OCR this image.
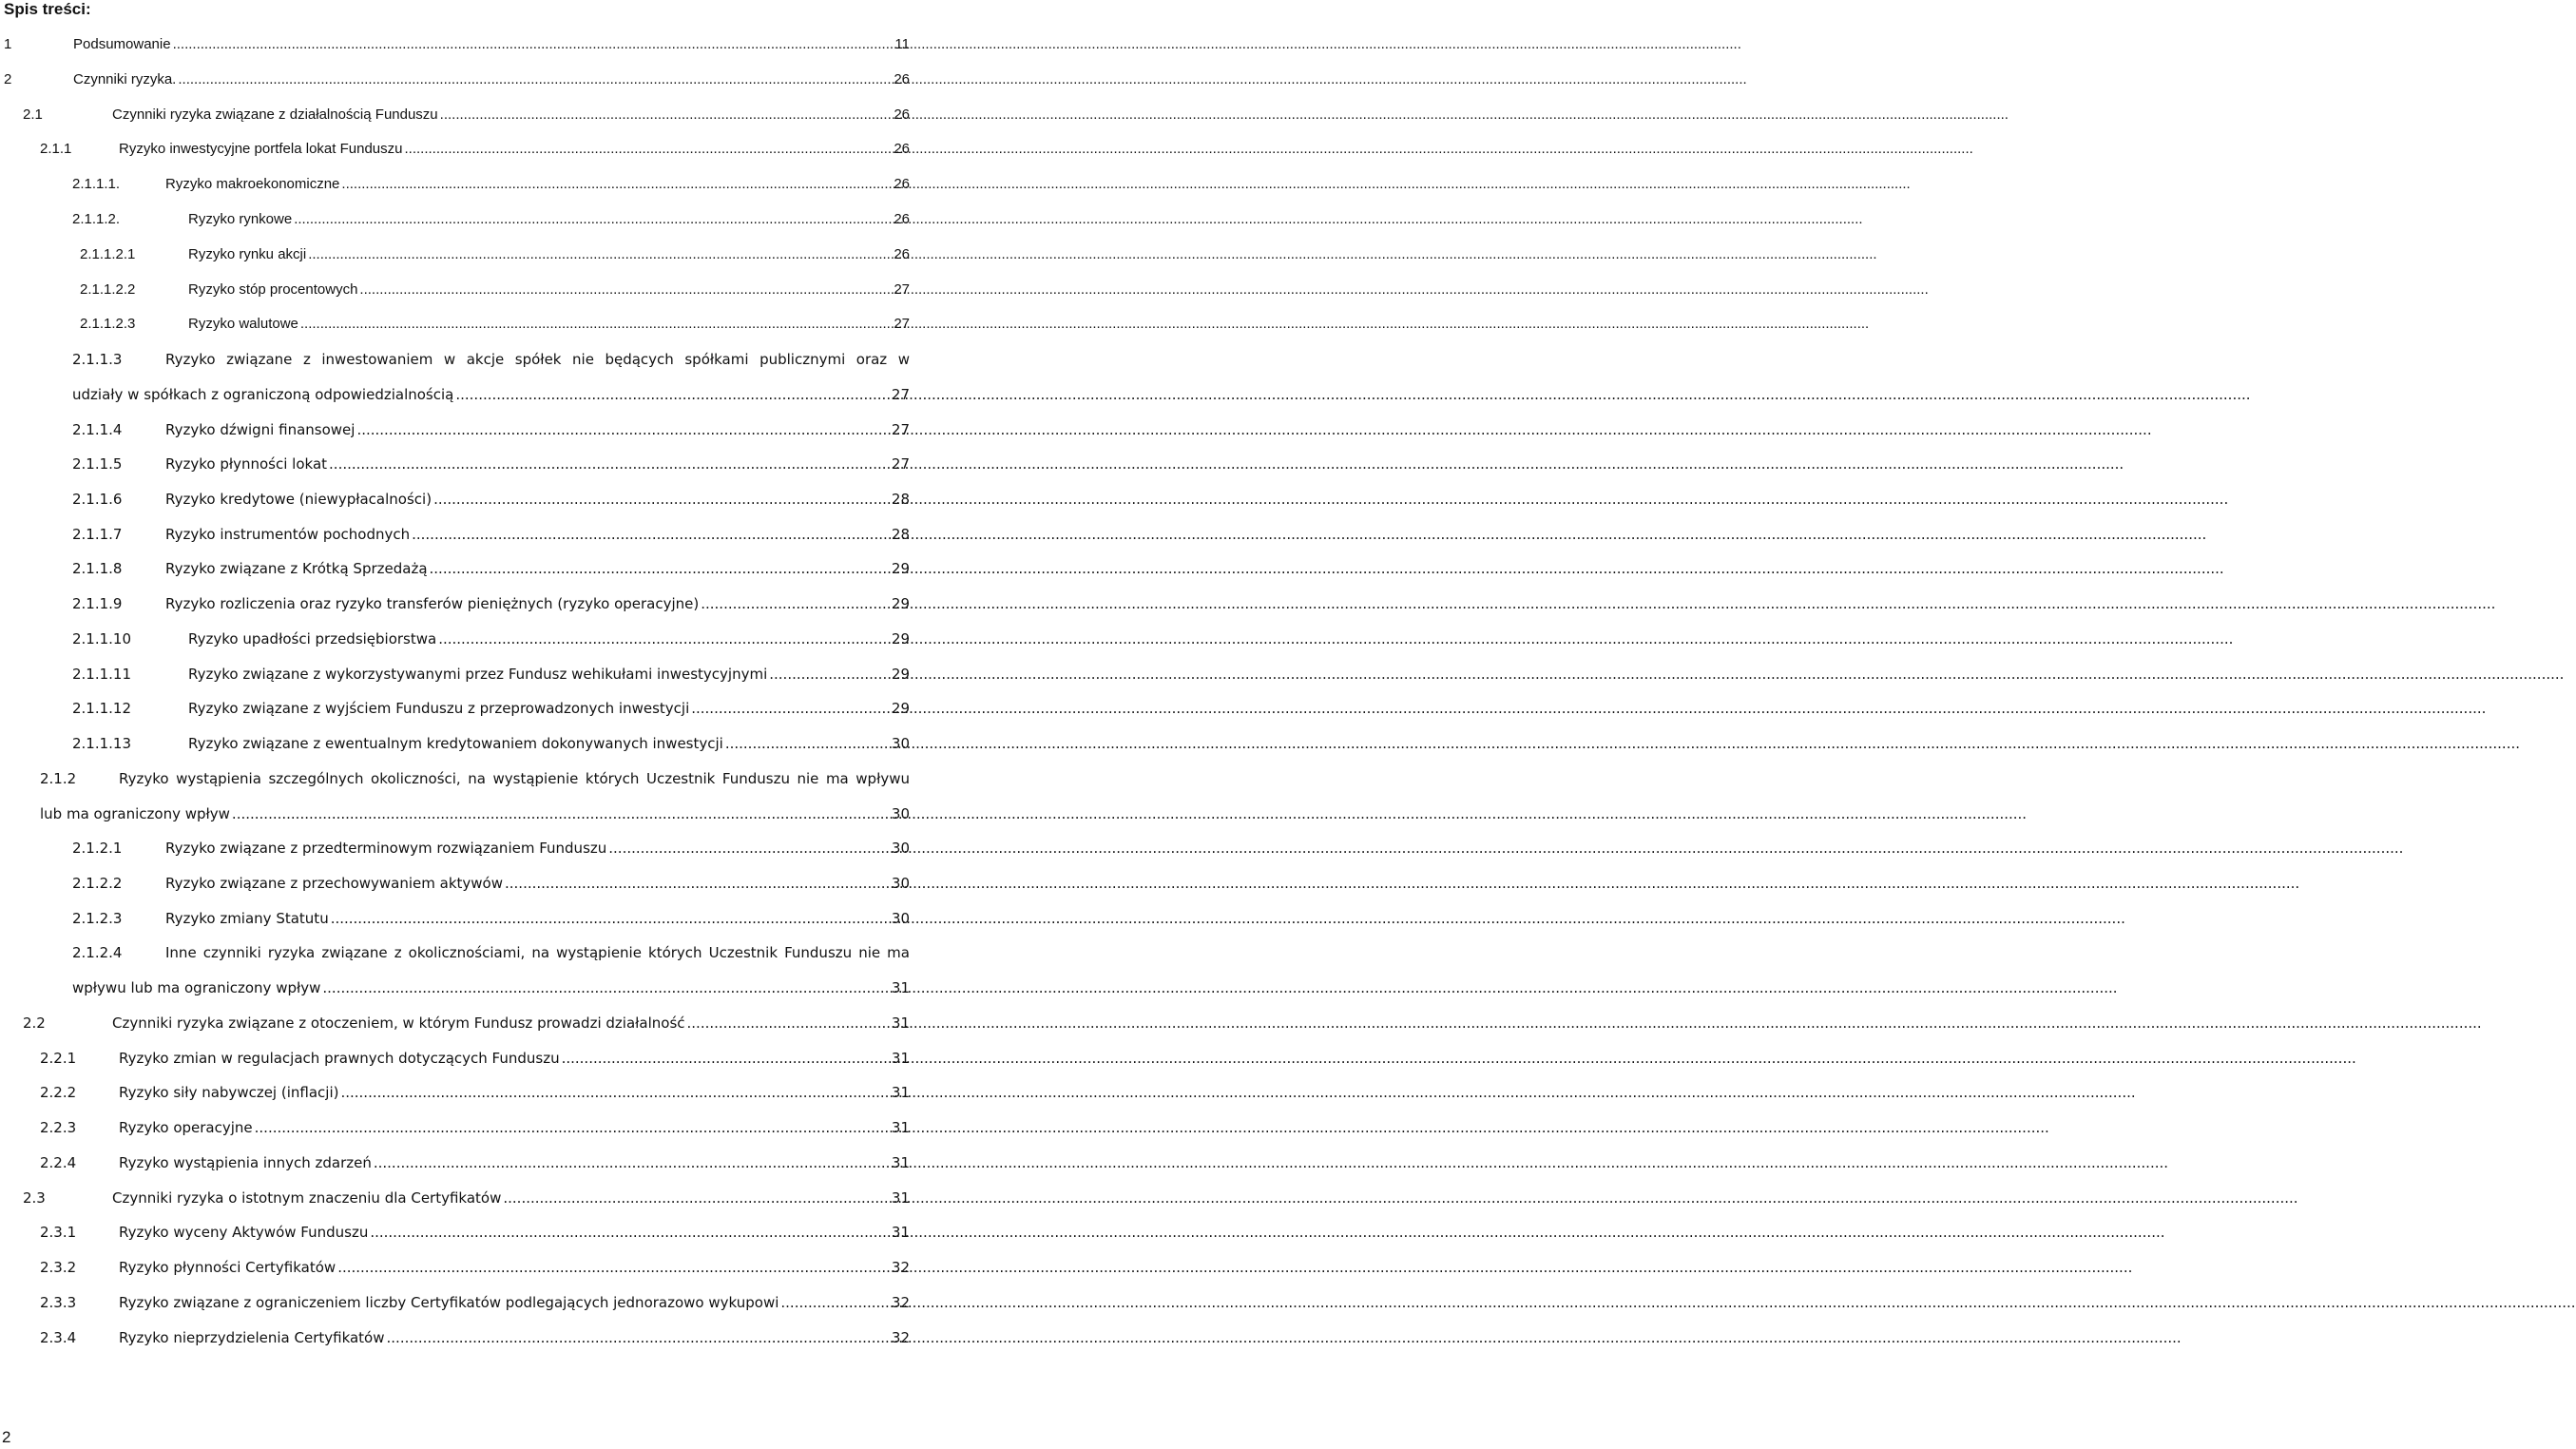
Spis treści:
1	Podsumowanie .....	11
2	Czynniki ryzyka. .....	26
2.1	Czynniki ryzyka związane z działalnością Funduszu .....	26
2.1.1	Ryzyko inwestycyjne portfela lokat Funduszu .....	26
2.1.1.1.	Ryzyko makroekonomiczne .....	26
2.1.1.2.	Ryzyko rynkowe .....	26
2.1.1.2.1	Ryzyko rynku akcji .....	26
2.1.1.2.2	Ryzyko stóp procentowych .....	27
2.1.1.2.3	Ryzyko walutowe .....	27
2.1.1.3	Ryzyko związane z inwestowaniem w akcje spółek nie będących spółkami publicznymi oraz w
udziały w spółkach z ograniczoną odpowiedzialnością .....	27
2.1.1.4	Ryzyko dźwigni finansowej .....	27
2.1.1.5	Ryzyko płynności lokat .....	27
2.1.1.6	Ryzyko kredytowe (niewypłacalności) .....	28
2.1.1.7	Ryzyko instrumentów pochodnych .....	28
2.1.1.8	Ryzyko związane z Krótką Sprzedażą .....	29
2.1.1.9	Ryzyko rozliczenia oraz ryzyko transferów pieniężnych (ryzyko operacyjne) .....	29
2.1.1.10	Ryzyko upadłości przedsiębiorstwa .....	29
2.1.1.11	Ryzyko związane z wykorzystywanymi przez Fundusz wehikułami inwestycyjnymi .....	29
2.1.1.12	Ryzyko związane z wyjściem Funduszu z przeprowadzonych inwestycji .....	29
2.1.1.13	Ryzyko związane z ewentualnym kredytowaniem dokonywanych inwestycji .....	30
2.1.2	Ryzyko wystąpienia szczególnych okoliczności, na wystąpienie których Uczestnik Funduszu nie ma wpływu
lub ma ograniczony wpływ .....	30
2.1.2.1	Ryzyko związane z przedterminowym rozwiązaniem Funduszu .....	30
2.1.2.2	Ryzyko związane z przechowywaniem aktywów .....	30
2.1.2.3	Ryzyko zmiany Statutu .....	30
2.1.2.4	Inne czynniki ryzyka związane z okolicznościami, na wystąpienie których Uczestnik Funduszu nie ma
wpływu lub ma ograniczony wpływ .....	31
2.2	Czynniki ryzyka związane z otoczeniem, w którym Fundusz prowadzi działalność .....	31
2.2.1	Ryzyko zmian w regulacjach prawnych dotyczących Funduszu .....	31
2.2.2	Ryzyko siły nabywczej (inflacji) .....	31
2.2.3	Ryzyko operacyjne .....	31
2.2.4	Ryzyko wystąpienia innych zdarzeń .....	31
2.3	Czynniki ryzyka o istotnym znaczeniu dla Certyfikatów .....	31
2.3.1	Ryzyko wyceny Aktywów Funduszu .....	31
2.3.2	Ryzyko płynności Certyfikatów .....	32
2.3.3	Ryzyko związane z ograniczeniem liczby Certyfikatów podlegających jednorazowo wykupowi .....	32
2.3.4	Ryzyko nieprzydzielenia Certyfikatów .....	32
2
